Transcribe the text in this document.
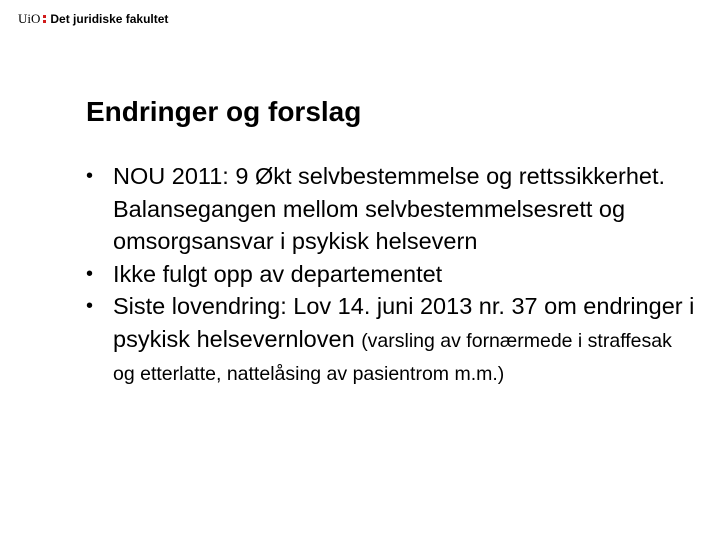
UiO Det juridiske fakultet
Endringer og forslag
• NOU 2011: 9 Økt selvbestemmelse og rettssikkerhet. Balansegangen mellom selvbestemmelsesrett og omsorgsansvar i psykisk helsevern
• Ikke fulgt opp av departementet
• Siste lovendring: Lov 14. juni 2013 nr. 37 om endringer i psykisk helsevernloven (varsling av fornærmede i straffesak og etterlatte, nattelåsing av pasientrom m.m.)
